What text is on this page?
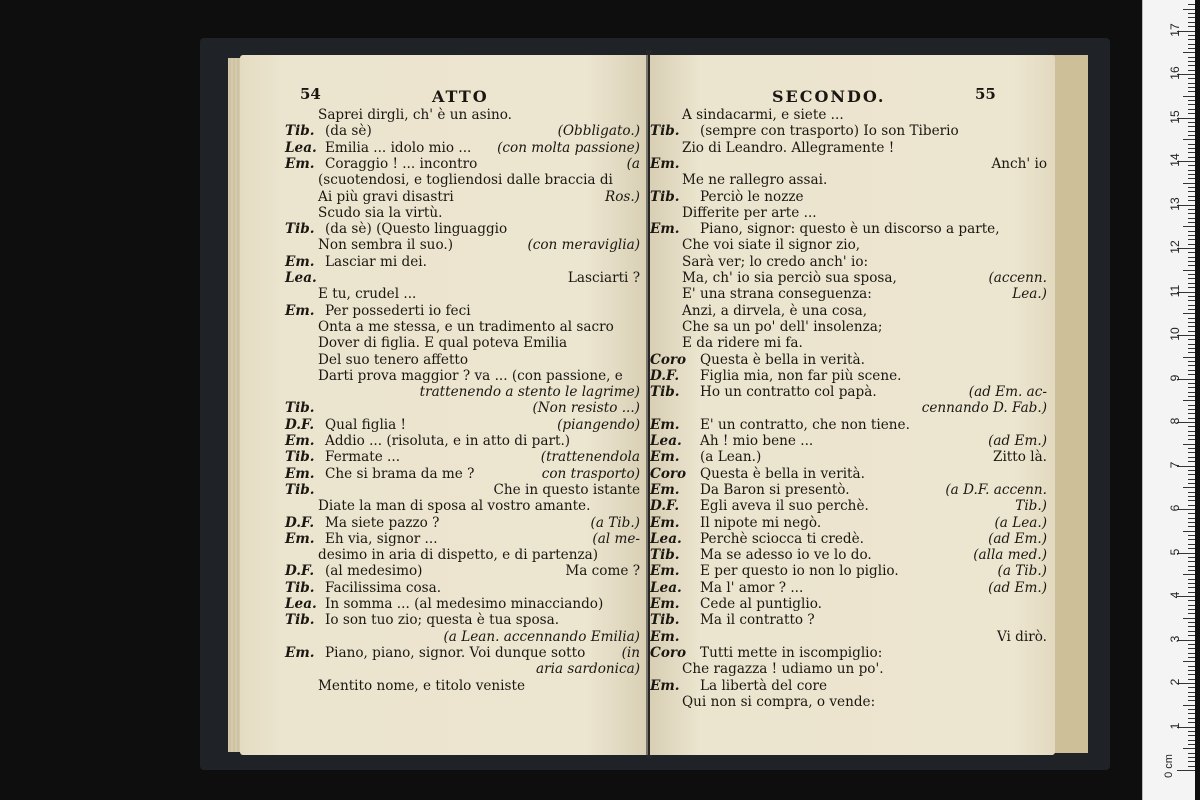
54	ATTO
Saprei dirgli, ch' è un asino.
Tib. (da sè)	(Obbligato.)
Lea. Emilia ... idolo mio ... (con molta passione)
Em. Coraggio ! ... incontro	(a
(scuotendosi, e togliendosi dalle braccia di
Ai più gravi disastri	Ros.)
Scudo sia la virtù.
Tib. (da sè) (Questo linguaggio
Non sembra il suo.)	(con meraviglia)
Em. Lasciar mi dei.
Lea.	Lasciarti ?
E tu, crudel ...
Em. Per possederti io feci
Onta a me stessa, e un tradimento al sacro
Dover di figlia. E qual poteva Emilia
Del suo tenero affetto
Darti prova maggior ? va ... (con passione, e
trattenendo a stento le lagrime)
Tib.	(Non resisto ...)
D.F. Qual figlia !	(piangendo)
Em. Addio ... (risoluta, e in atto di part.)
Tib. Fermate ...	(trattenendola
Em. Che si brama da me ?	con trasporto)
Tib.	Che in questo istante
Diate la man di sposa al vostro amante.
D.F. Ma siete pazzo ?	(a Tib.)
Em. Eh via, signor ...	(al me-
desimo in aria di dispetto, e di partenza)
D.F. (al medesimo)	Ma come ?
Tib. Facilissima cosa.
Lea. In somma ... (al medesimo minacciando)
Tib. Io son tuo zio; questa è tua sposa.
(a Lean. accennando Emilia)
Em. Piano, piano, signor. Voi dunque sotto	(in
aria sardonica)
Mentito nome, e titolo veniste
SECONDO.	55
A sindacarmi, e siete ...
Tib. (sempre con trasporto) Io son Tiberio
Zio di Leandro. Allegramente !
Em.	Anch' io
Me ne rallegro assai.
Tib. Perciò le nozze
Differite per arte ...
Em. Piano, signor: questo è un discorso a parte,
Che voi siate il signor zio,
Sarà ver; lo credo anch' io:
Ma, ch' io sia perciò sua sposa,	(accenn.
E' una strana conseguenza:	Lea.)
Anzi, a dirvela, è una cosa,
Che sa un po' dell' insolenza;
E da ridere mi fa.
Coro Questa è bella in verità.
D.F. Figlia mia, non far più scene.
Tib. Ho un contratto col papà.	(ad Em. ac-
cennando D. Fab.)
Em. E' un contratto, che non tiene.
Lea. Ah ! mio bene ...	(ad Em.)
Em. (a Lean.)	Zitto là.
Coro Questa è bella in verità.
Em. Da Baron si presentò.	(a D.F. accenn.
D.F. Egli aveva il suo perchè.	Tib.)
Em. Il nipote mi negò.	(a Lea.)
Lea. Perchè sciocca ti credè.	(ad Em.)
Tib. Ma se adesso io ve lo do.	(alla med.)
Em. E per questo io non lo piglio.	(a Tib.)
Lea. Ma l' amor ? ...	(ad Em.)
Em. Cede al puntiglio.
Tib. Ma il contratto ?
Em.	Vi dirò.
Coro Tutti mette in iscompiglio:
Che ragazza ! udiamo un po'.
Em. La libertà del core
Qui non si compra, o vende:
1
2
3
4
5
6
7
8
9
10
11
12
13
14
15
16
17
0 cm
